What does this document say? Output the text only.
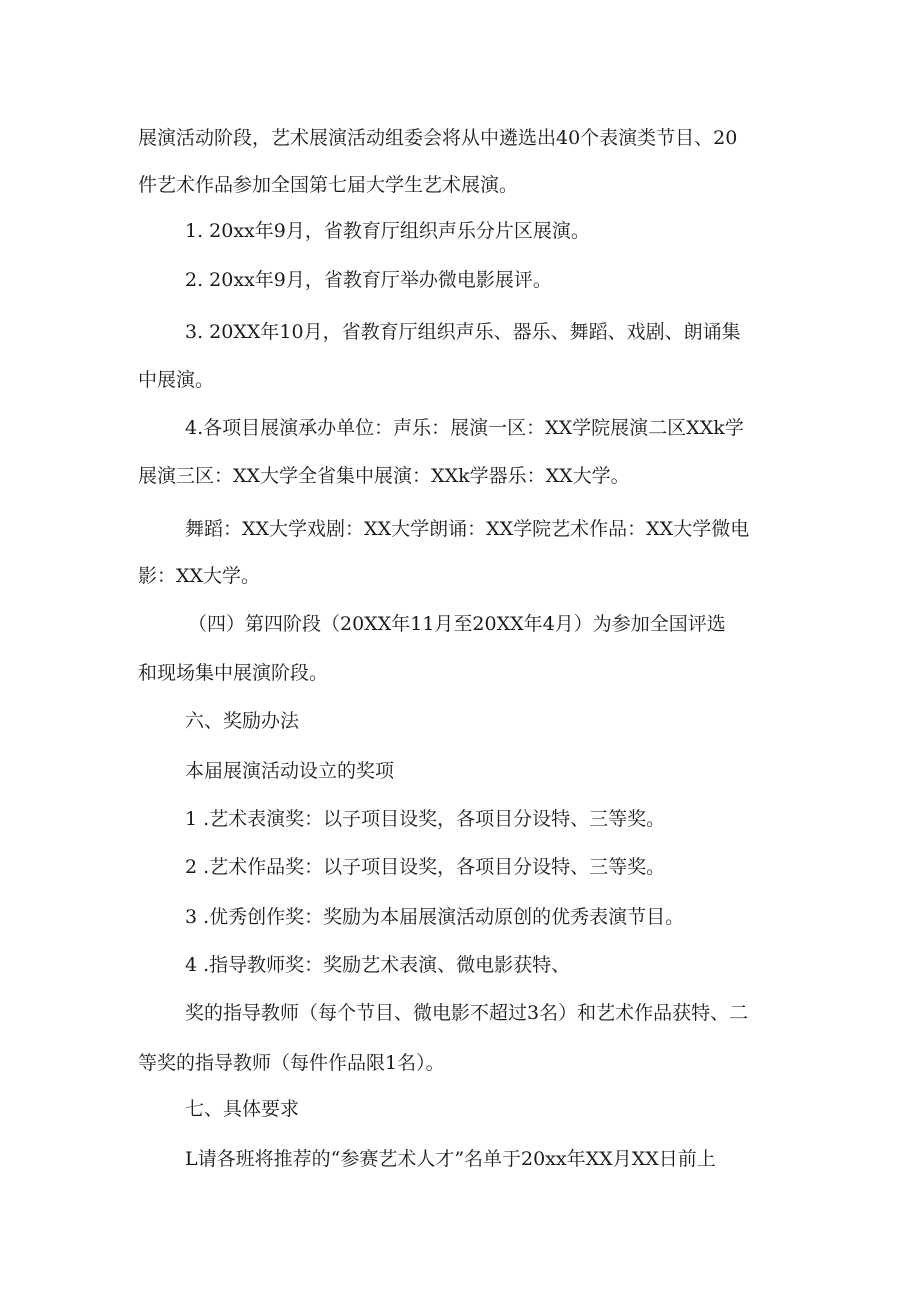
展演活动阶段，艺术展演活动组委会将从中遴选出40个表演类节目、20
件艺术作品参加全国第七届大学生艺术展演。
1. 20xx年9月，省教育厅组织声乐分片区展演。
2. 20xx年9月，省教育厅举办微电影展评。
3. 20XX年10月，省教育厅组织声乐、器乐、舞蹈、戏剧、朗诵集
中展演。
4.各项目展演承办单位：声乐：展演一区：XX学院展演二区XXk学
展演三区：XX大学全省集中展演：XXk学器乐：XX大学。
舞蹈：XX大学戏剧：XX大学朗诵：XX学院艺术作品：XX大学微电
影：XX大学。
（四）第四阶段（20XX年11月至20XX年4月）为参加全国评选
和现场集中展演阶段。
六、奖励办法
本届展演活动设立的奖项
1 .艺术表演奖：以子项目设奖，各项目分设特、三等奖。
2 .艺术作品奖：以子项目设奖，各项目分设特、三等奖。
3 .优秀创作奖：奖励为本届展演活动原创的优秀表演节目。
4 .指导教师奖：奖励艺术表演、微电影获特、
奖的指导教师（每个节目、微电影不超过3名）和艺术作品获特、二
等奖的指导教师（每件作品限1名）。
七、具体要求
L请各班将推荐的“参赛艺术人才”名单于20xx年XX月XX日前上
